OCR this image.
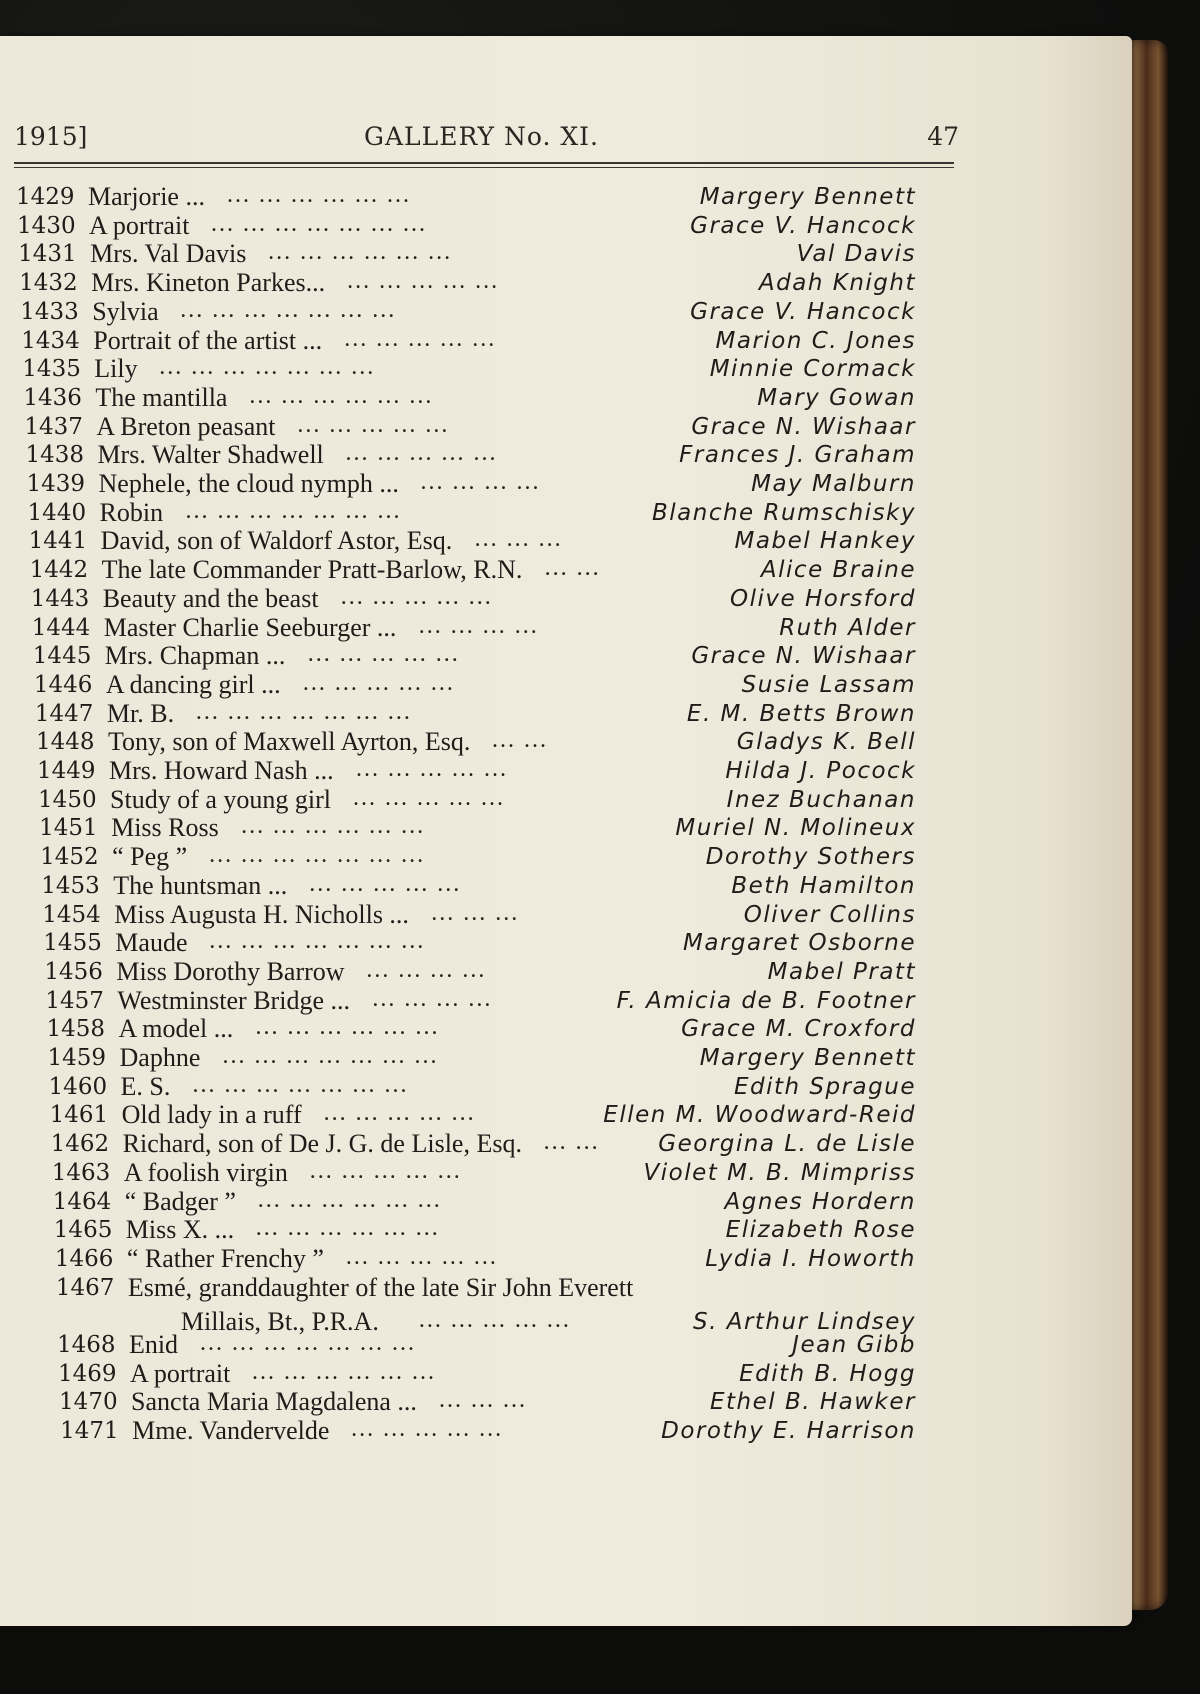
1915]	GALLERY No. XI.	47
1429 Marjorie ... ... ... ... ... ... ...	Margery Bennett
1430 A portrait ... ... ... ... ... ... ...	Grace V. Hancock
1431 Mrs. Val Davis ... ... ... ... ... ...	Val Davis
1432 Mrs. Kineton Parkes... ... ... ... ... ...	Adah Knight
1433 Sylvia ... ... ... ... ... ... ...	Grace V. Hancock
1434 Portrait of the artist ... ... ... ... ... ...	Marion C. Jones
1435 Lily ... ... ... ... ... ... ...	Minnie Cormack
1436 The mantilla ... ... ... ... ... ...	Mary Gowan
1437 A Breton peasant ... ... ... ... ...	Grace N. Wishaar
1438 Mrs. Walter Shadwell ... ... ... ... ...	Frances J. Graham
1439 Nephele, the cloud nymph ... ... ... ... ...	May Malburn
1440 Robin ... ... ... ... ... ... ...	Blanche Rumschisky
1441 David, son of Waldorf Astor, Esq. ... ... ...	Mabel Hankey
1442 The late Commander Pratt-Barlow, R.N. ... ...	Alice Braine
1443 Beauty and the beast ... ... ... ... ...	Olive Horsford
1444 Master Charlie Seeburger ... ... ... ... ...	Ruth Alder
1445 Mrs. Chapman ... ... ... ... ... ...	Grace N. Wishaar
1446 A dancing girl ... ... ... ... ... ...	Susie Lassam
1447 Mr. B. ... ... ... ... ... ... ...	E. M. Betts Brown
1448 Tony, son of Maxwell Ayrton, Esq. ... ...	Gladys K. Bell
1449 Mrs. Howard Nash ... ... ... ... ... ...	Hilda J. Pocock
1450 Study of a young girl ... ... ... ... ...	Inez Buchanan
1451 Miss Ross ... ... ... ... ... ...	Muriel N. Molineux
1452 “ Peg ” ... ... ... ... ... ... ...	Dorothy Sothers
1453 The huntsman ... ... ... ... ... ...	Beth Hamilton
1454 Miss Augusta H. Nicholls ... ... ... ...	Oliver Collins
1455 Maude ... ... ... ... ... ... ...	Margaret Osborne
1456 Miss Dorothy Barrow ... ... ... ...	Mabel Pratt
1457 Westminster Bridge ... ... ... ... ...	F. Amicia de B. Footner
1458 A model ... ... ... ... ... ... ...	Grace M. Croxford
1459 Daphne ... ... ... ... ... ... ...	Margery Bennett
1460 E. S. ... ... ... ... ... ... ...	Edith Sprague
1461 Old lady in a ruff ... ... ... ... ...	Ellen M. Woodward-Reid
1462 Richard, son of De J. G. de Lisle, Esq. ... ...	Georgina L. de Lisle
1463 A foolish virgin ... ... ... ... ...	Violet M. B. Mimpriss
1464 “ Badger ” ... ... ... ... ... ...	Agnes Hordern
1465 Miss X. ... ... ... ... ... ... ...	Elizabeth Rose
1466 “ Rather Frenchy ” ... ... ... ... ...	Lydia I. Howorth
1467 Esmé, granddaughter of the late Sir John Everett
Millais, Bt., P.R.A. ... ... ... ... ...	S. Arthur Lindsey
1468 Enid ... ... ... ... ... ... ...	Jean Gibb
1469 A portrait ... ... ... ... ... ...	Edith B. Hogg
1470 Sancta Maria Magdalena ... ... ... ...	Ethel B. Hawker
1471 Mme. Vandervelde ... ... ... ... ...	Dorothy E. Harrison
